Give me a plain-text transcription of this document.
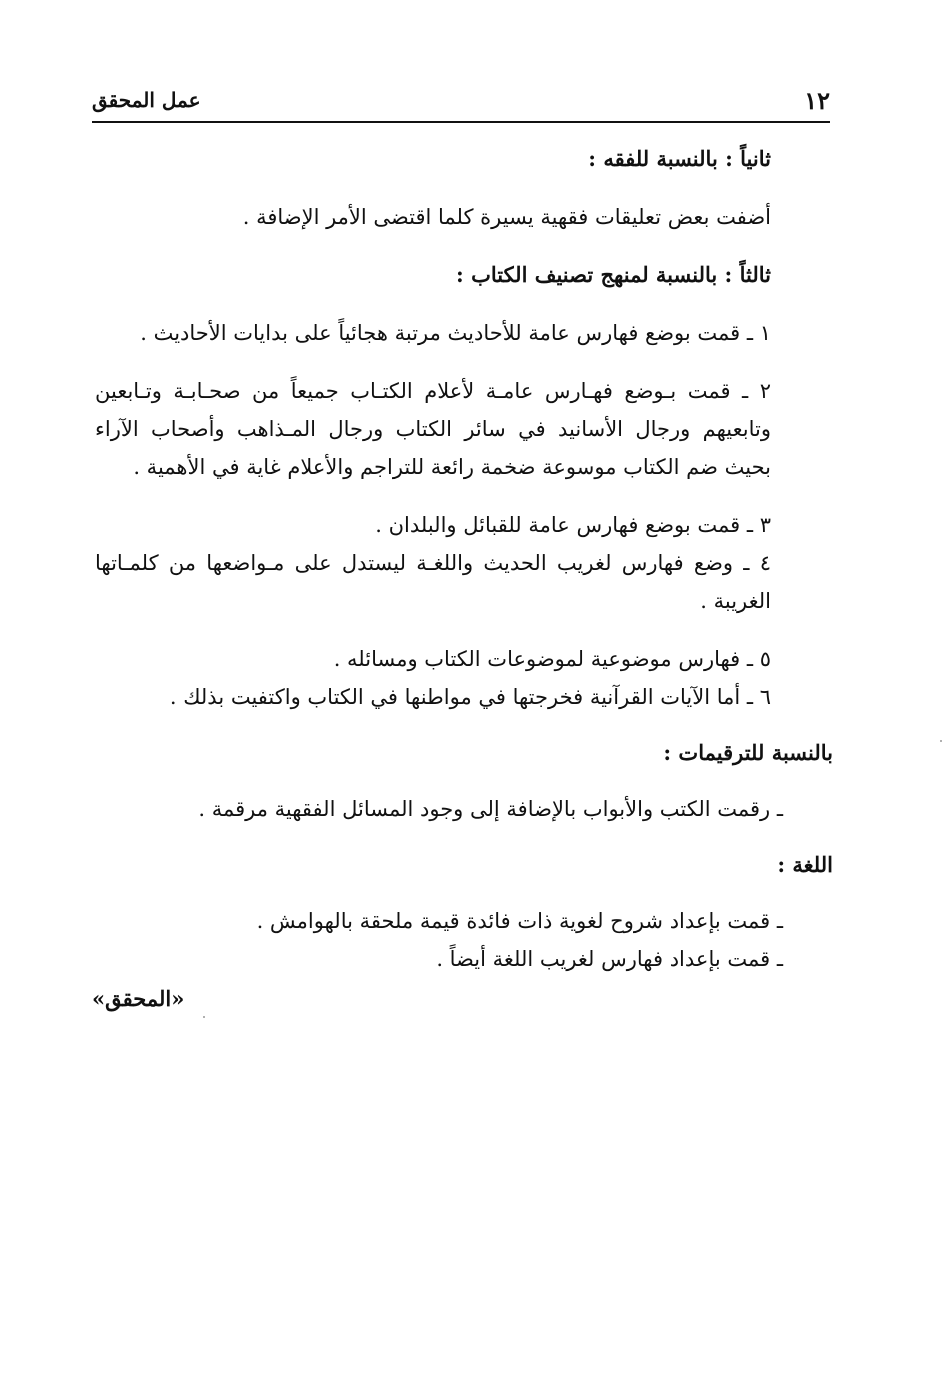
١٢
عمل المحقق

ثانياً : بالنسبة للفقه :

أضفت بعض تعليقات فقهية يسيرة كلما اقتضى الأمر الإضافة .

ثالثاً : بالنسبة لمنهج تصنيف الكتاب :

١ ـ قمت بوضع فهارس عامة للأحاديث مرتبة هجائياً على بدايات الأحاديث .

٢ ـ قمت بـوضع فهـارس عامـة لأعلام الكتـاب جميعاً من صحـابـة وتـابعين وتابعيهم ورجال الأسانيد في سائر الكتاب ورجال المـذاهب وأصحاب الآراء بحيث ضم الكتاب موسوعة ضخمة رائعة للتراجم والأعلام غاية في الأهمية .

٣ ـ قمت بوضع فهارس عامة للقبائل والبلدان .

٤ ـ وضع فهارس لغريب الحديث واللغـة ليستدل على مـواضعها من كلمـاتها الغريبة .

٥ ـ فهارس موضوعية لموضوعات الكتاب ومسائله .

٦ ـ أما الآيات القرآنية فخرجتها في مواطنها في الكتاب واكتفيت بذلك .

بالنسبة للترقيمات :

ـ رقمت الكتب والأبواب بالإضافة إلى وجود المسائل الفقهية مرقمة .

اللغة :

ـ قمت بإعداد شروح لغوية ذات فائدة قيمة ملحقة بالهوامش .

ـ قمت بإعداد فهارس لغريب اللغة أيضاً .

«المحقق»
